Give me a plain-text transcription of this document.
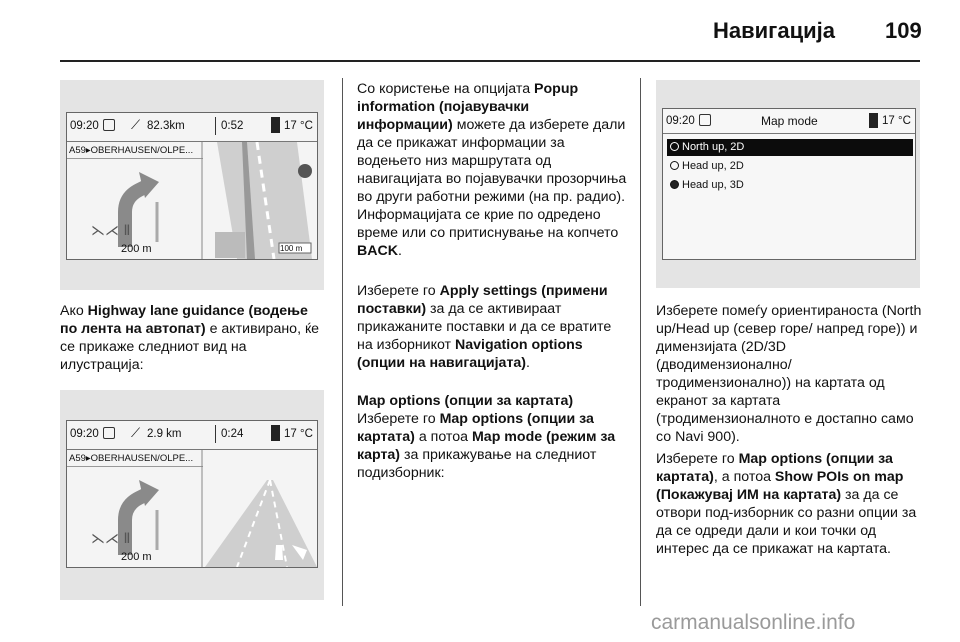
Навигација 109
09:20 ⟋ 82.3km	0:52	17 °C
A59▸OBERHAUSEN/OLPE...
⋋⋌ Ⅱ
100 m
200 m
Ако Highway lane guidance (водење по лента на автопат) е активирано, ќе се прикаже следниот вид на илустрација:
09:20 ⟋ 2.9 km	0:24	17 °C
A59▸OBERHAUSEN/OLPE...
⋋⋌ Ⅱ
200 m
Со користење на опцијата Popup information (појавувачки информации) можете да изберете дали да се прикажат информации за водењето низ маршрутата од навигацијата во појавувачки прозорчиња во други работни режими (на пр. радио). Информацијата се крие по одредено време или со притиснување на копчето BACK.
Изберете го Apply settings (примени поставки) за да се активираат прикажаните поставки и да се вратите на изборникот Navigation options (опции на навигацијата).
Map options (опции за картата)
Изберете го Map options (опции за картата) а потоа Map mode (режим за карта) за прикажување на следниот подизборник:
09:20	Map mode	17 °C
North up, 2D
Head up, 2D
Head up, 3D
Изберете помеѓу ориентираноста (North up/Head up (север горе/ напред горе)) и димензијата (2D/3D (дводимензионално/ тродимензионално)) на картата од екранот за картата (тродимензионалното е достапно само со Navi 900).
Изберете го Map options (опции за картата), а потоа Show POIs on map (Покажувај ИМ на картата) за да се отвори под-изборник со разни опции за да се одреди дали и кои точки од интерес да се прикажат на картата.
carmanualsonline.info
